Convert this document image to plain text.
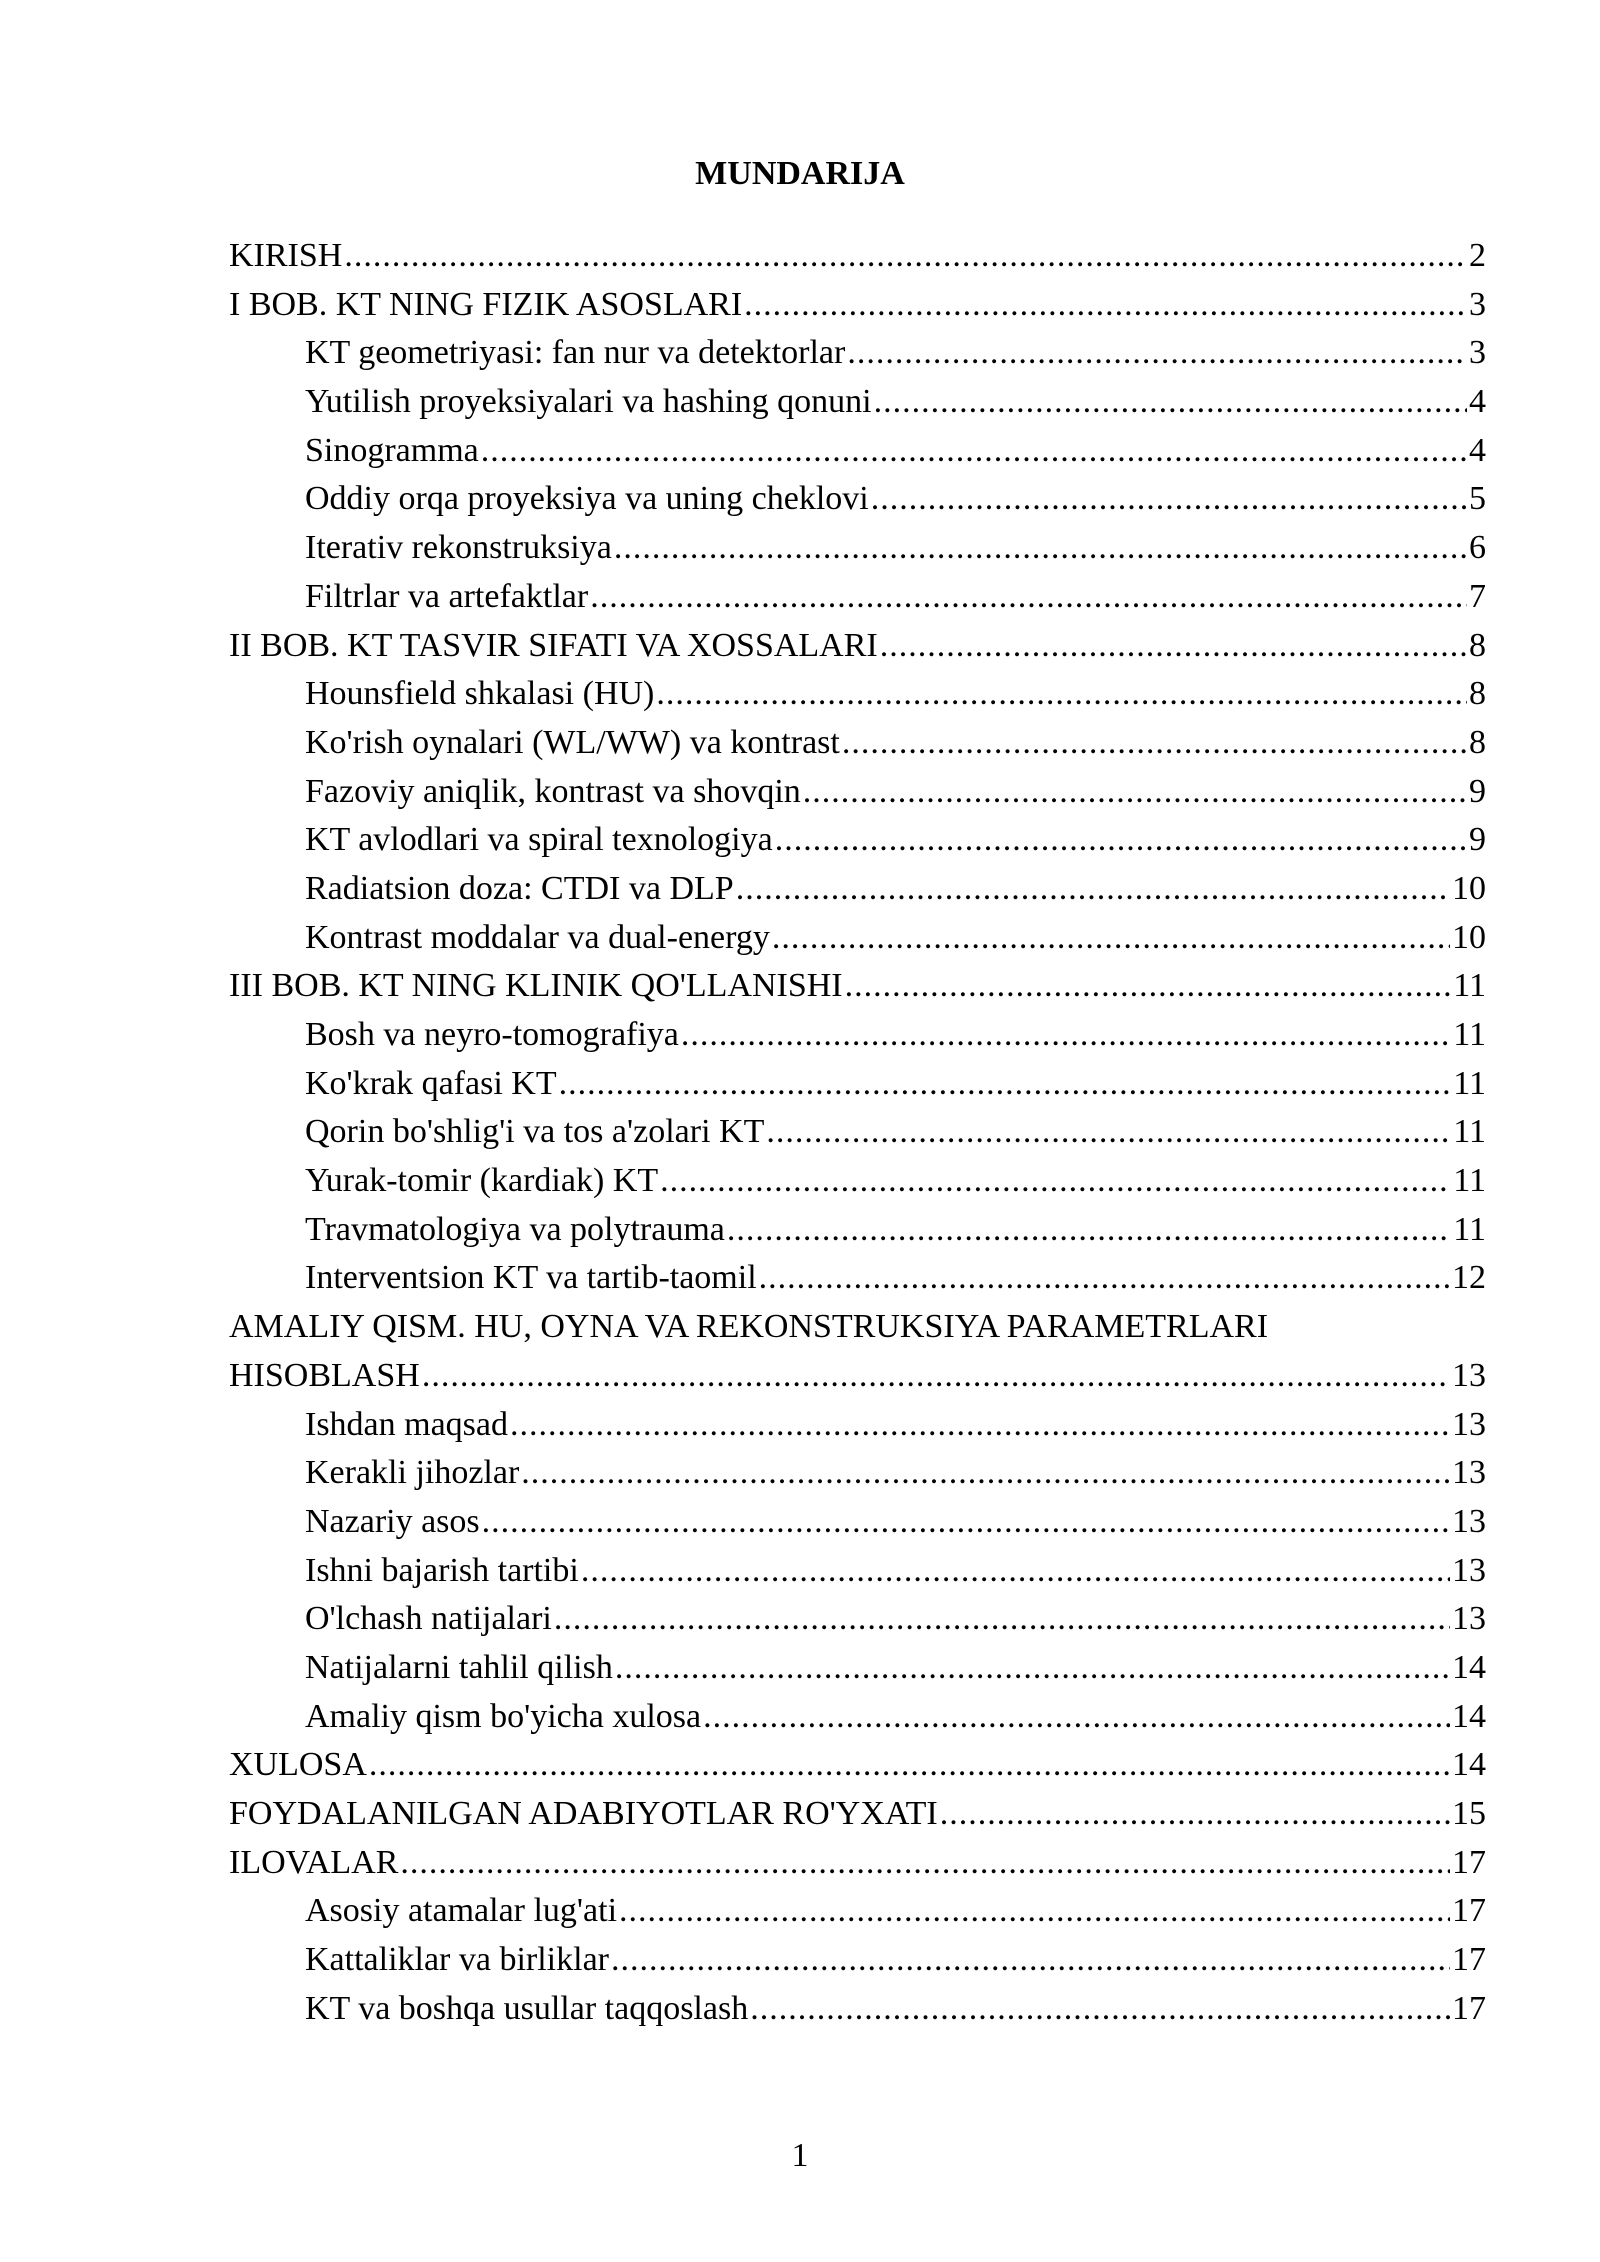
MUNDARIJA
KIRISH .....	2
I BOB. KT NING FIZIK ASOSLARI .....	3
KT geometriyasi: fan nur va detektorlar .....	3
Yutilish proyeksiyalari va hashing qonuni .....	4
Sinogramma .....	4
Oddiy orqa proyeksiya va uning cheklovi .....	5
Iterativ rekonstruksiya .....	6
Filtrlar va artefaktlar .....	7
II BOB. KT TASVIR SIFATI VA XOSSALARI .....	8
Hounsfield shkalasi (HU) .....	8
Ko'rish oynalari (WL/WW) va kontrast .....	8
Fazoviy aniqlik, kontrast va shovqin .....	9
KT avlodlari va spiral texnologiya .....	9
Radiatsion doza: CTDI va DLP .....	10
Kontrast moddalar va dual-energy .....	10
III BOB. KT NING KLINIK QO'LLANISHI .....	11
Bosh va neyro-tomografiya .....	11
Ko'krak qafasi KT .....	11
Qorin bo'shlig'i va tos a'zolari KT .....	11
Yurak-tomir (kardiak) KT .....	11
Travmatologiya va polytrauma .....	11
Interventsion KT va tartib-taomil .....	12
AMALIY QISM. HU, OYNA VA REKONSTRUKSIYA PARAMETRLARI
HISOBLASH .....	13
Ishdan maqsad .....	13
Kerakli jihozlar .....	13
Nazariy asos .....	13
Ishni bajarish tartibi .....	13
O'lchash natijalari .....	13
Natijalarni tahlil qilish .....	14
Amaliy qism bo'yicha xulosa .....	14
XULOSA .....	14
FOYDALANILGAN ADABIYOTLAR RO'YXATI .....	15
ILOVALAR .....	17
Asosiy atamalar lug'ati .....	17
Kattaliklar va birliklar .....	17
KT va boshqa usullar taqqoslash .....	17
1
